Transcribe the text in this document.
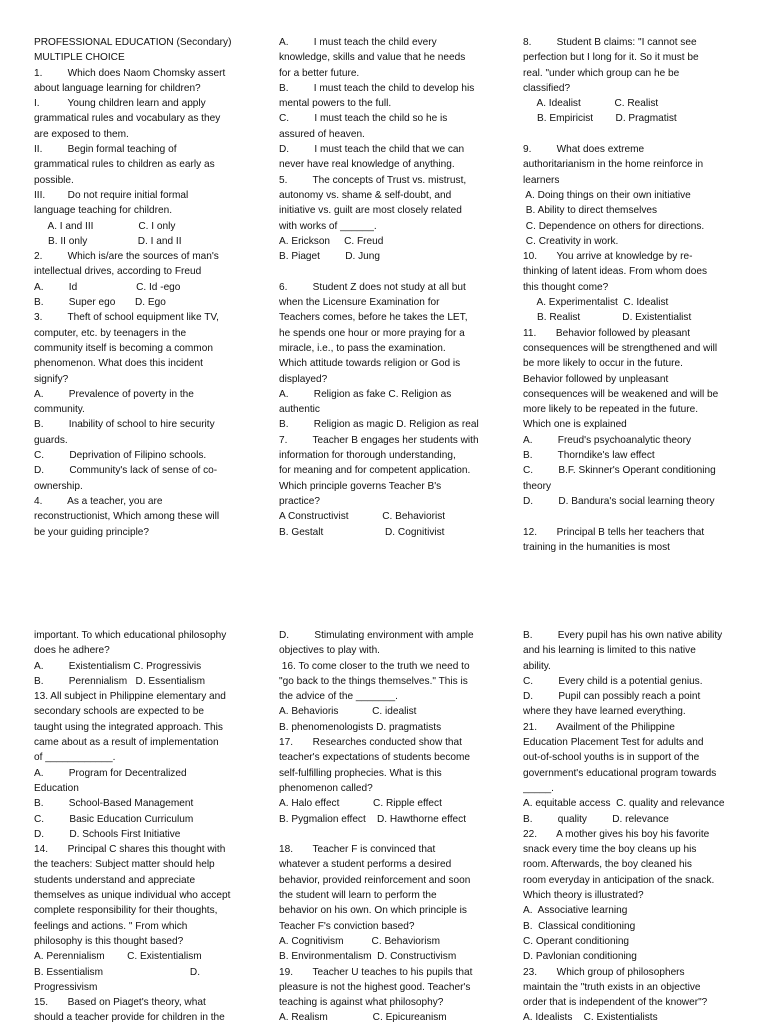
PROFESSIONAL EDUCATION (Secondary)
MULTIPLE CHOICE
1.         Which does Naom Chomsky assert
about language learning for children?
I.          Young children learn and apply
grammatical rules and vocabulary as they
are exposed to them.
II.         Begin formal teaching of
grammatical rules to children as early as
possible.
III.        Do not require initial formal
language teaching for children.
A. I and III                C. I only
B. II only                  D. I and II
2.         Which is/are the sources of man's
intellectual drives, according to Freud
A.         Id                     C. Id -ego
B.         Super ego       D. Ego
3.         Theft of school equipment like TV,
computer, etc. by teenagers in the
community itself is becoming a common
phenomenon. What does this incident
signify?
A.         Prevalence of poverty in the
community.
B.         Inability of school to hire security
guards.
C.         Deprivation of Filipino schools.
D.         Community's lack of sense of co-
ownership.
4.         As a teacher, you are
reconstructionist, Which among these will
be your guiding principle?
A.         I must teach the child every
knowledge, skills and value that he needs
for a better future.
B.         I must teach the child to develop his
mental powers to the full.
C.         I must teach the child so he is
assured of heaven.
D.         I must teach the child that we can
never have real knowledge of anything.
5.         The concepts of Trust vs. mistrust,
autonomy vs. shame & self-doubt, and
initiative vs. guilt are most closely related
with works of ______.
A. Erickson     C. Freud
B. Piaget         D. Jung
6.         Student Z does not study at all but
when the Licensure Examination for
Teachers comes, before he takes the LET,
he spends one hour or more praying for a
miracle, i.e., to pass the examination.
Which attitude towards religion or God is
displayed?
A.         Religion as fake C. Religion as
authentic
B.         Religion as magic D. Religion as real
7.         Teacher B engages her students with
information for thorough understanding,
for meaning and for competent application.
Which principle governs Teacher B's
practice?
A Constructivist            C. Behaviorist
B. Gestalt                      D. Cognitivist
8.         Student B claims: "I cannot see
perfection but I long for it. So it must be
real. "under which group can he be
classified?
A. Idealist            C. Realist
B. Empiricist        D. Pragmatist
9.         What does extreme
authoritarianism in the home reinforce in
learners
A. Doing things on their own initiative
B. Ability to direct themselves
C. Dependence on others for directions.
C. Creativity in work.
10.       You arrive at knowledge by re-
thinking of latent ideas. From whom does
this thought come?
A. Experimentalist  C. Idealist
B. Realist               D. Existentialist
11.       Behavior followed by pleasant
consequences will be strengthened and will
be more likely to occur in the future.
Behavior followed by unpleasant
consequences will be weakened and will be
more likely to be repeated in the future.
Which one is explained
A.         Freud's psychoanalytic theory
B.         Thorndike's law effect
C.         B.F. Skinner's Operant conditioning
theory
D.         D. Bandura's social learning theory
12.       Principal B tells her teachers that
training in the humanities is most
important. To which educational philosophy
does he adhere?
A.         Existentialism C. Progressivis
B.         Perennialism   D. Essentialism
13. All subject in Philippine elementary and
secondary schools are expected to be
taught using the integrated approach. This
came about as a result of implementation
of ____________.
A.         Program for Decentralized
Education
B.         School-Based Management
C.         Basic Education Curriculum
D.         D. Schools First Initiative
14.       Principal C shares this thought with
the teachers: Subject matter should help
students understand and appreciate
themselves as unique individual who accept
complete responsibility for their thoughts,
feelings and actions. " From which
philosophy is this thought based?
A. Perennialism        C. Existentialism
B. Essentialism                               D.
Progressivism
15.       Based on Piaget's theory, what
should a teacher provide for children in the
D.         Stimulating environment with ample
objectives to play with.
16. To come closer to the truth we need to
"go back to the things themselves." This is
the advice of the _______.
A. Behavioris            C. idealist
B. phenomenologists D. pragmatists
17.       Researches conducted show that
teacher's expectations of students become
self-fulfilling prophecies. What is this
phenomenon called?
A. Halo effect            C. Ripple effect
B. Pygmalion effect    D. Hawthorne effect
18.       Teacher F is convinced that
whatever a student performs a desired
behavior, provided reinforcement and soon
the student will learn to perform the
behavior on his own. On which principle is
Teacher F's conviction based?
A. Cognitivism          C. Behaviorism
B. Environmentalism  D. Constructivism
19.       Teacher U teaches to his pupils that
pleasure is not the highest good. Teacher's
teaching is against what philosophy?
A. Realism                C. Epicureanism
B.         Every pupil has his own native ability
and his learning is limited to this native
ability.
C.         Every child is a potential genius.
D.         Pupil can possibly reach a point
where they have learned everything.
21.       Availment of the Philippine
Education Placement Test for adults and
out-of-school youths is in support of the
government's educational program towards
_____.
A. equitable access  C. quality and relevance
B.         quality         D. relevance
22.       A mother gives his boy his favorite
snack every time the boy cleans up his
room. Afterwards, the boy cleaned his
room everyday in anticipation of the snack.
Which theory is illustrated?
A.  Associative learning
B.  Classical conditioning
C. Operant conditioning
D. Pavlonian conditioning
23.       Which group of philosophers
maintain the "truth exists in an objective
order that is independent of the knower"?
A. Idealists    C. Existentialists
